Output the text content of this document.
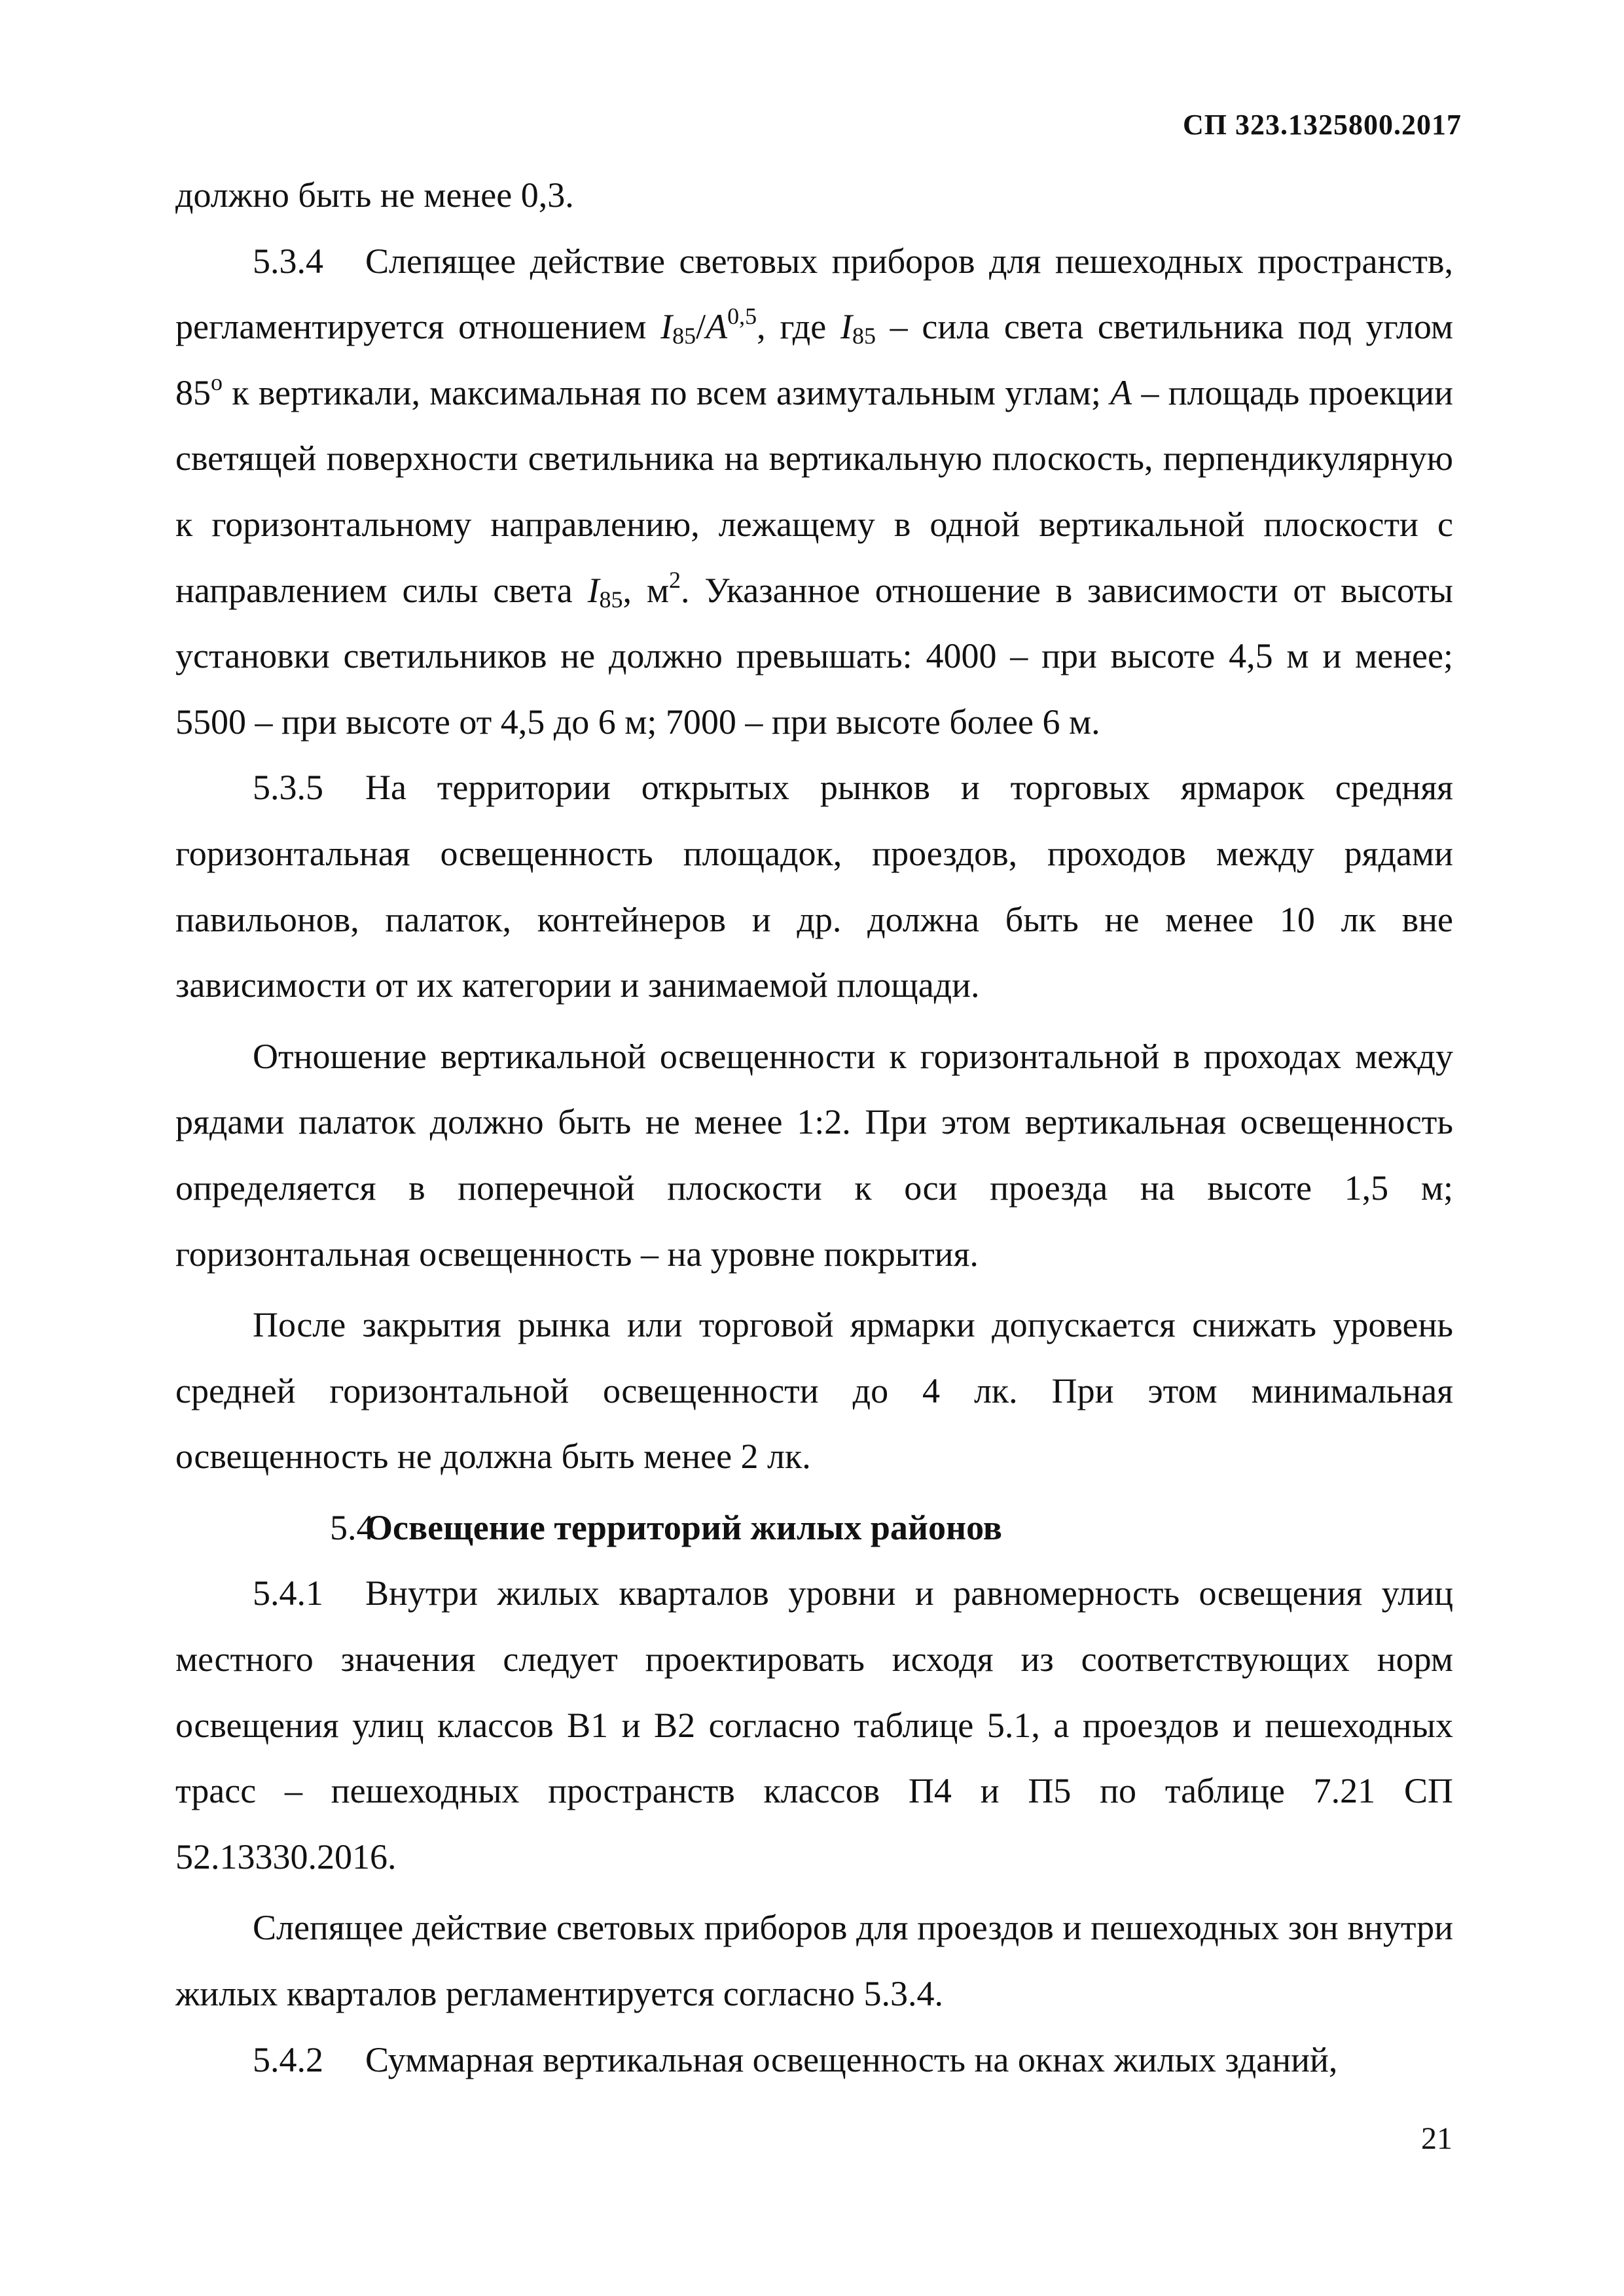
СП 323.1325800.2017

должно быть не менее 0,3.

5.3.4 Слепящее действие световых приборов для пешеходных пространств, регламентируется отношением $I_{85}/A^{0,5}$, где $I_{85}$ – сила света светильника под углом 85$^o$ к вертикали, максимальная по всем азимутальным углам; A – площадь проекции светящей поверхности светильника на вертикальную плоскость, перпендикулярную к горизонтальному направлению, лежащему в одной вертикальной плоскости с направлением силы света $I_{85}$, $м^2$. Указанное отношение в зависимости от высоты установки светильников не должно превышать: 4000 – при высоте 4,5 м и менее; 5500 – при высоте от 4,5 до 6 м; 7000 – при высоте более 6 м.

5.3.5 На территории открытых рынков и торговых ярмарок средняя горизонтальная освещенность площадок, проездов, проходов между рядами павильонов, палаток, контейнеров и др. должна быть не менее 10 лк вне зависимости от их категории и занимаемой площади.

Отношение вертикальной освещенности к горизонтальной в проходах между рядами палаток должно быть не менее 1:2. При этом вертикальная освещенность определяется в поперечной плоскости к оси проезда на высоте 1,5 м; горизонтальная освещенность – на уровне покрытия.

После закрытия рынка или торговой ярмарки допускается снижать уровень средней горизонтальной освещенности до 4 лк. При этом минимальная освещенность не должна быть менее 2 лк.

5.4Освещение территорий жилых районов

5.4.1 Внутри жилых кварталов уровни и равномерность освещения улиц местного значения следует проектировать исходя из соответствующих норм освещения улиц классов В1 и В2 согласно таблице 5.1, а проездов и пешеходных трасс – пешеходных пространств классов П4 и П5 по таблице 7.21 СП 52.13330.2016.

Слепящее действие световых приборов для проездов и пешеходных зон внутри жилых кварталов регламентируется согласно 5.3.4.

5.4.2 Суммарная вертикальная освещенность на окнах жилых зданий,

21
